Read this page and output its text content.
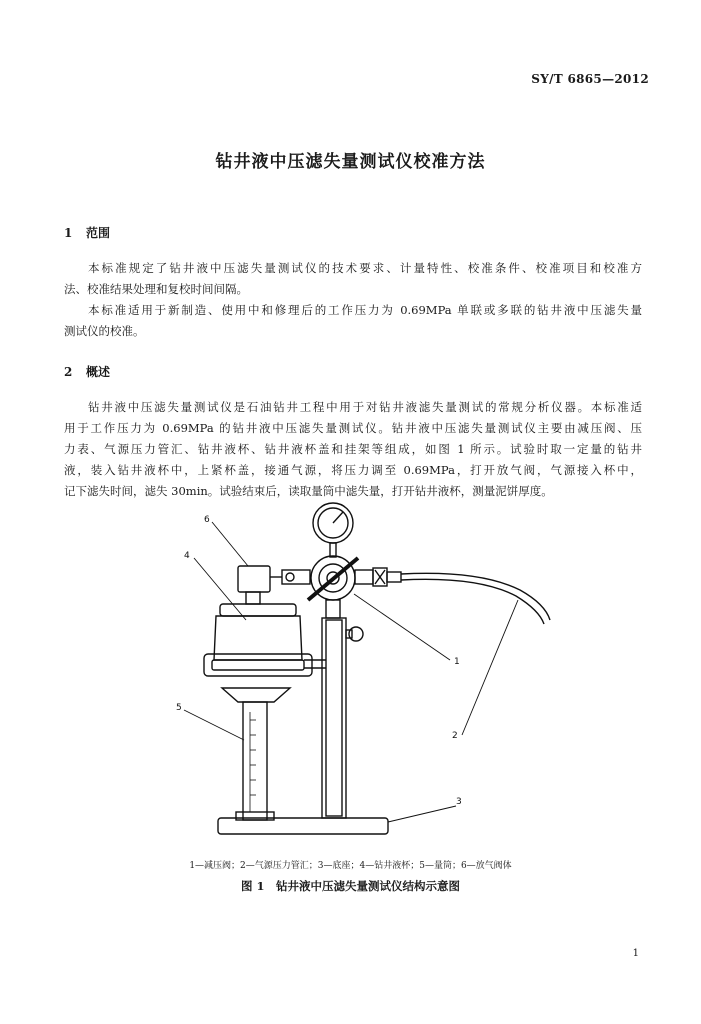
SY/T 6865—2012
钻井液中压滤失量测试仪校准方法
1 范围
本标准规定了钻井液中压滤失量测试仪的技术要求、计量特性、校准条件、校准项目和校准方
法、校准结果处理和复校时间间隔。
本标准适用于新制造、使用中和修理后的工作压力为 0.69MPa 单联或多联的钻井液中压滤失量
测试仪的校准。
2 概述
钻井液中压滤失量测试仪是石油钻井工程中用于对钻井液滤失量测试的常规分析仪器。本标准适
用于工作压力为 0.69MPa 的钻井液中压滤失量测试仪。钻井液中压滤失量测试仪主要由减压阀、压
力表、气源压力管汇、钻井液杯、钻井液杯盖和挂架等组成，如图 1 所示。试验时取一定量的钻井
液，装入钻井液杯中，上紧杯盖，接通气源，将压力调至 0.69MPa，打开放气阀，气源接入杯中，
记下滤失时间，滤失 30min。试验结束后，读取量筒中滤失量，打开钻井液杯，测量泥饼厚度。
6
4
5
1
2
3
1—减压阀；2—气源压力管汇；3—底座；4—钻井液杯；5—量筒；6—放气阀体
图 1　钻井液中压滤失量测试仪结构示意图
1
